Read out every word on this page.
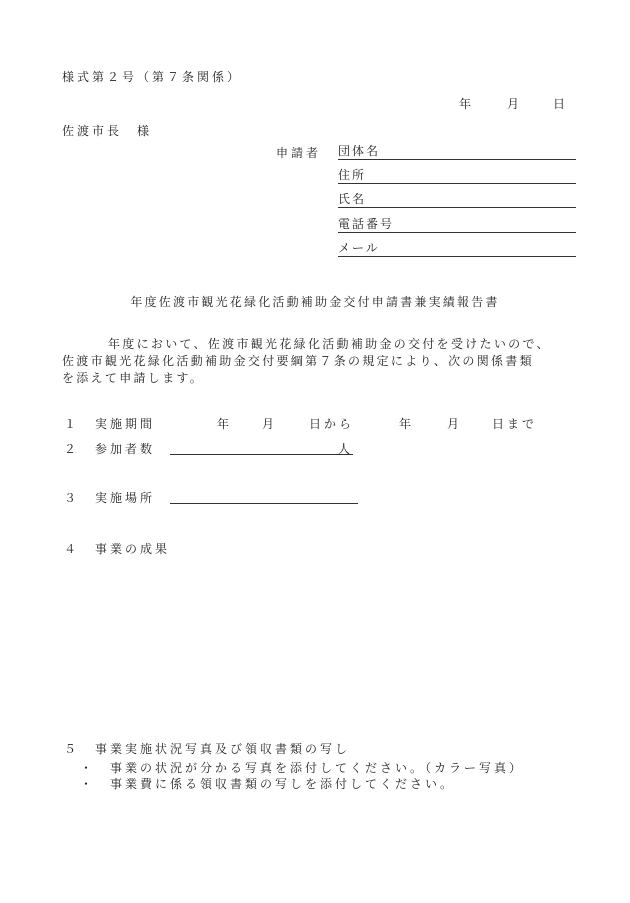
様式第２号（第７条関係）
年	月	日
佐渡市長　様
申請者 団体名
住所
氏名
電話番号
メール
年度佐渡市観光花緑化活動補助金交付申請書兼実績報告書
年度において、佐渡市観光花緑化活動補助金の交付を受けたいので、
佐渡市観光花緑化活動補助金交付要綱第７条の規定により、次の関係書類
を添えて申請します。
１ 実施期間	年	月	日から	年	月	日まで
２ 参加者数	人
３ 実施場所
４ 事業の成果
５ 事業実施状況写真及び領収書類の写し
・ 事業の状況が分かる写真を添付してください。（カラー写真）
・ 事業費に係る領収書類の写しを添付してください。
